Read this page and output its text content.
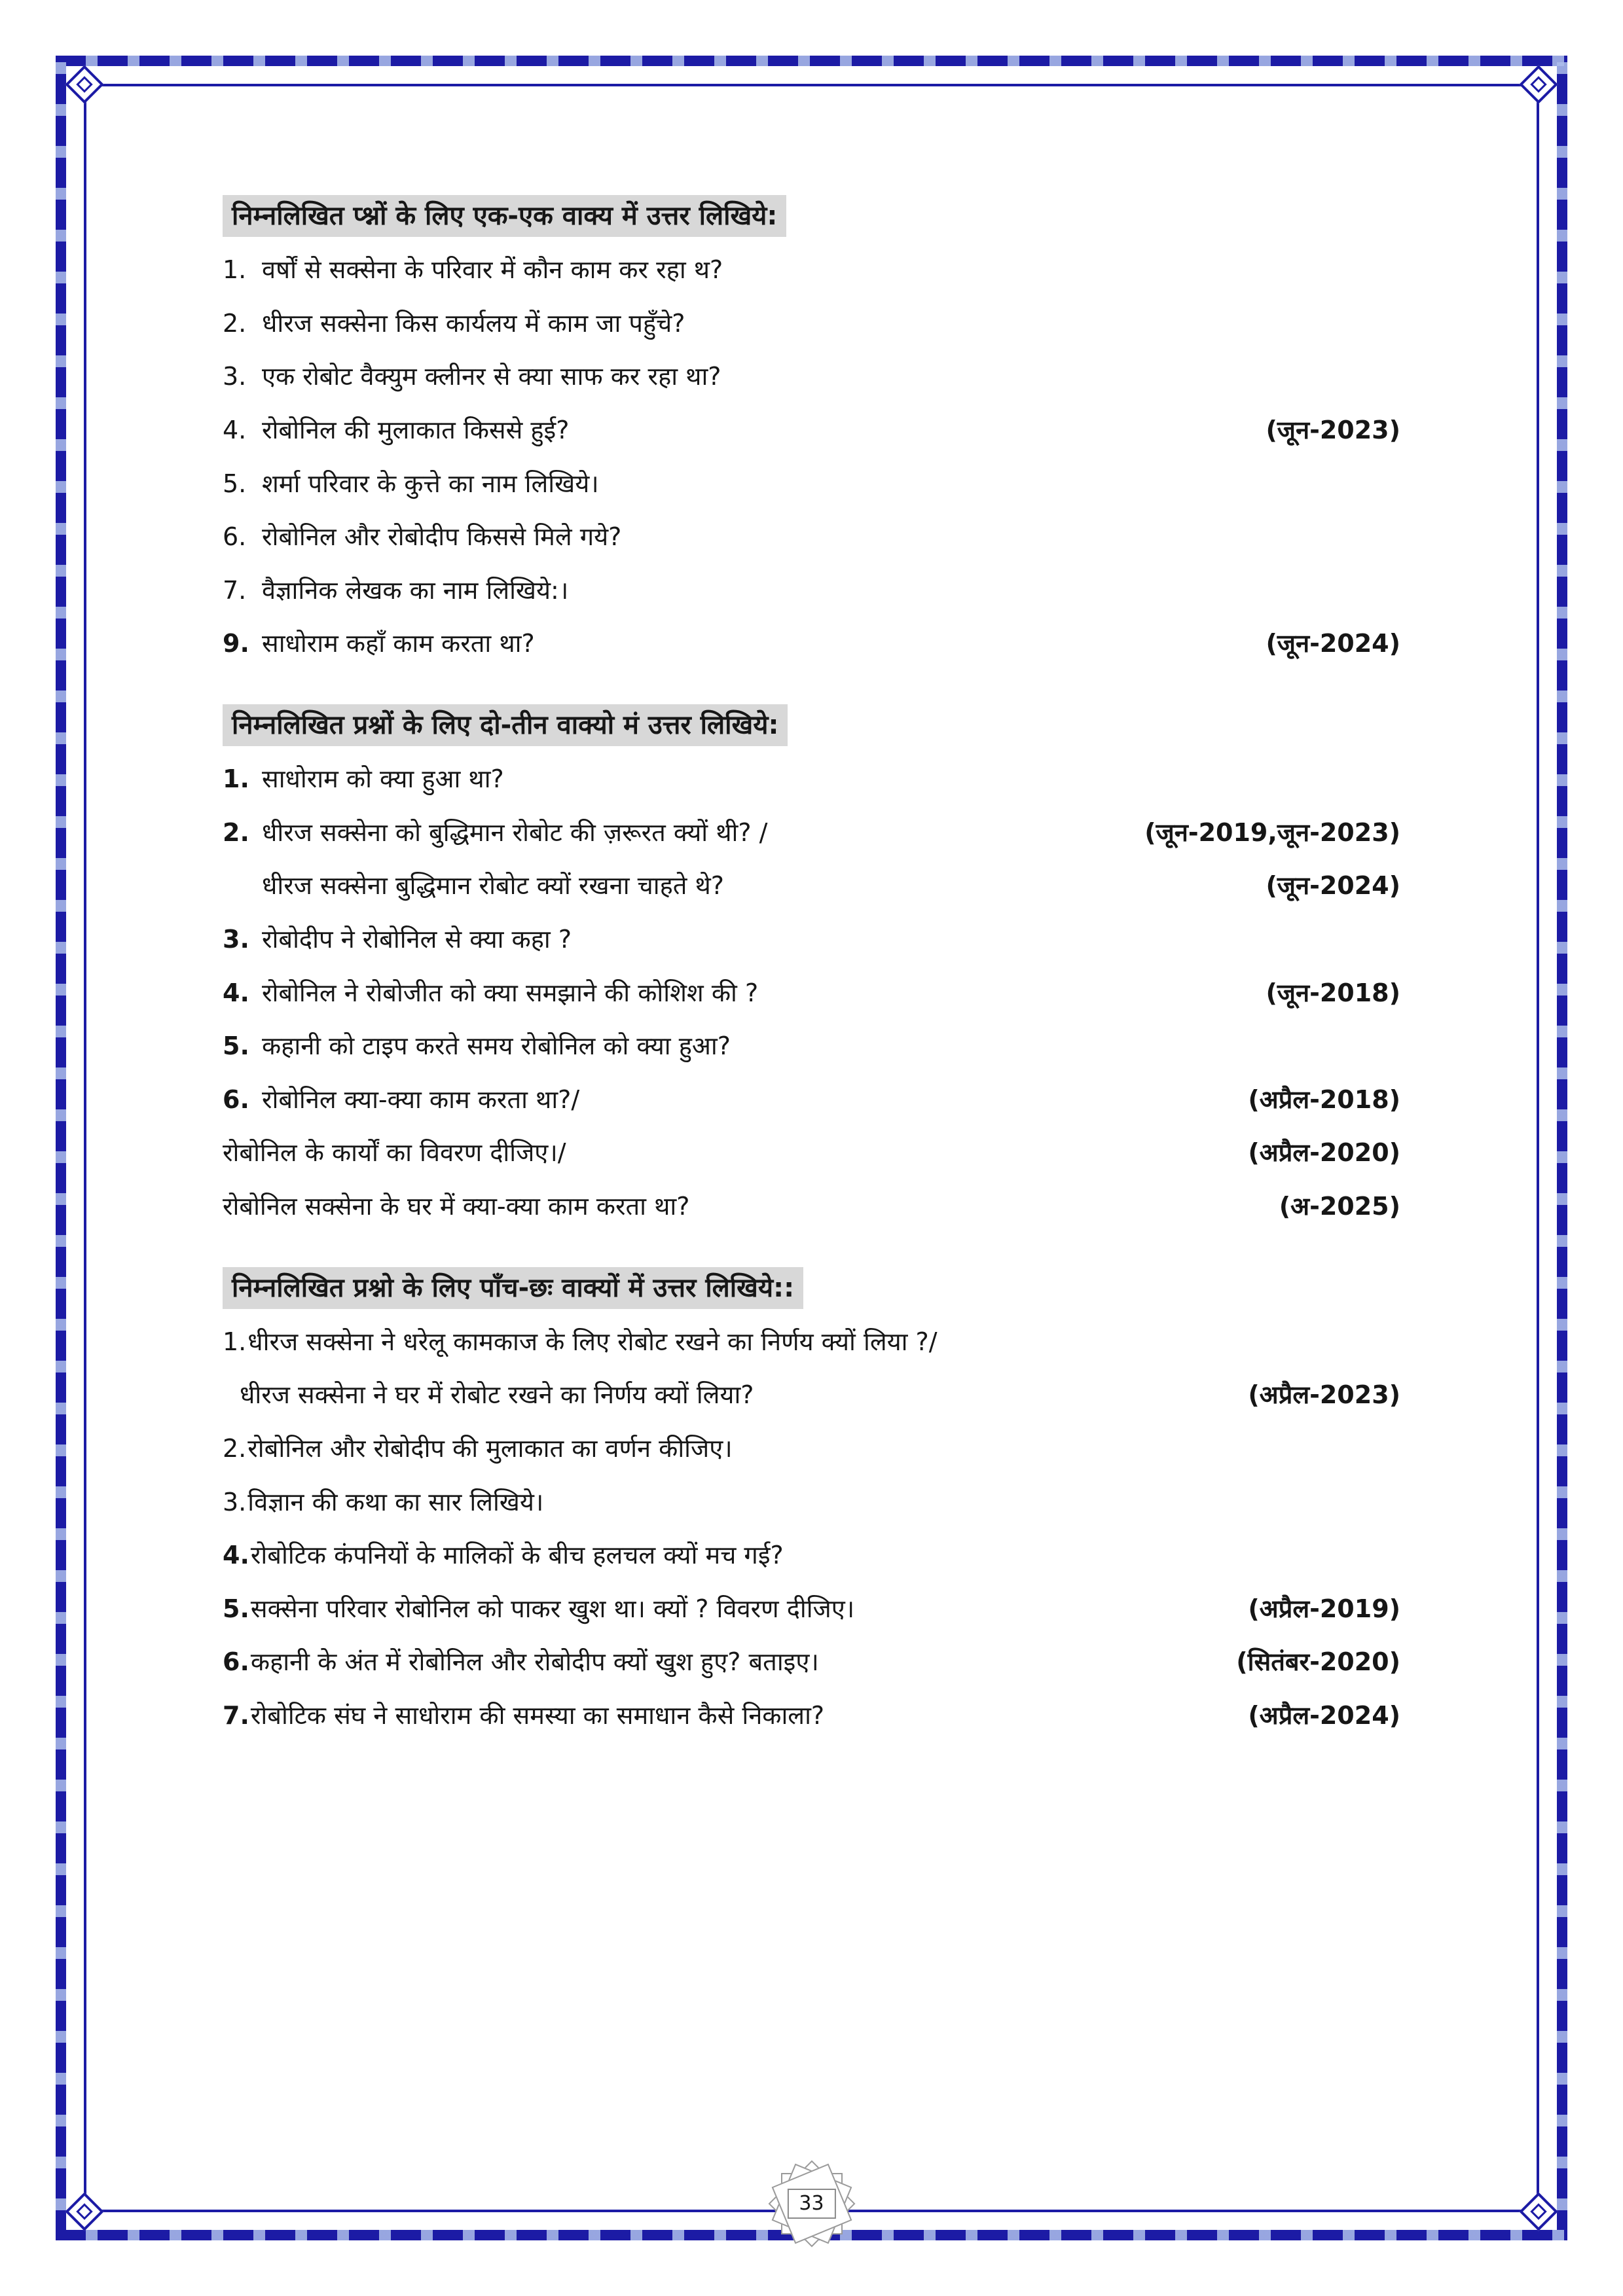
निम्नलिखित प्श्नों के लिए एक-एक वाक्य में उत्तर लिखिये:
1. वर्षों से सक्सेना के परिवार में कौन काम कर रहा थ?
2. धीरज सक्सेना किस कार्यलय में काम जा पहुँचे?
3. एक रोबोट वैक्युम क्लीनर से क्या साफ कर रहा था?
4. रोबोनिल की मुलाकात किससे हुई?	(जून-2023)
5. शर्मा परिवार के कुत्ते का नाम लिखिये।
6. रोबोनिल और रोबोदीप किससे मिले गये?
7. वैज्ञानिक लेखक का नाम लिखिये:।
9. साधोराम कहाँ काम करता था?	(जून-2024)
निम्नलिखित प्रश्नों के लिए दो-तीन वाक्यो मं उत्तर लिखिये:
1. साधोराम को क्या हुआ था?
2. धीरज सक्सेना को बुद्धिमान रोबोट की ज़रूरत क्यों थी? /	(जून-2019,जून-2023)
धीरज सक्सेना बुद्धिमान रोबोट क्यों रखना चाहते थे?	(जून-2024)
3. रोबोदीप ने रोबोनिल से क्या कहा ?
4. रोबोनिल ने रोबोजीत को क्या समझाने की कोशिश की ?	(जून-2018)
5. कहानी को टाइप करते समय रोबोनिल को क्या हुआ?
6. रोबोनिल क्या-क्या काम करता था?/	(अप्रैल-2018)
रोबोनिल के कार्यों का विवरण दीजिए।/	(अप्रैल-2020)
रोबोनिल सक्सेना के घर में क्या-क्या काम करता था?	(अ-2025)
निम्नलिखित प्रश्नो के लिए पाँच-छः वाक्यों में उत्तर लिखिये::
1. धीरज सक्सेना ने धरेलू कामकाज के लिए रोबोट रखने का निर्णय क्यों लिया ?/
धीरज सक्सेना ने घर में रोबोट रखने का निर्णय क्यों लिया?	(अप्रैल-2023)
2. रोबोनिल और रोबोदीप की मुलाकात का वर्णन कीजिए।
3. विज्ञान की कथा का सार लिखिये।
4. रोबोटिक कंपनियों के मालिकों के बीच हलचल क्यों मच गई?
5. सक्सेना परिवार रोबोनिल को पाकर खुश था। क्यों ? विवरण दीजिए।	(अप्रैल-2019)
6. कहानी के अंत में रोबोनिल और रोबोदीप क्यों खुश हुए? बताइए।	(सितंबर-2020)
7. रोबोटिक संघ ने साधोराम की समस्या का समाधान कैसे निकाला?	(अप्रैल-2024)
33
